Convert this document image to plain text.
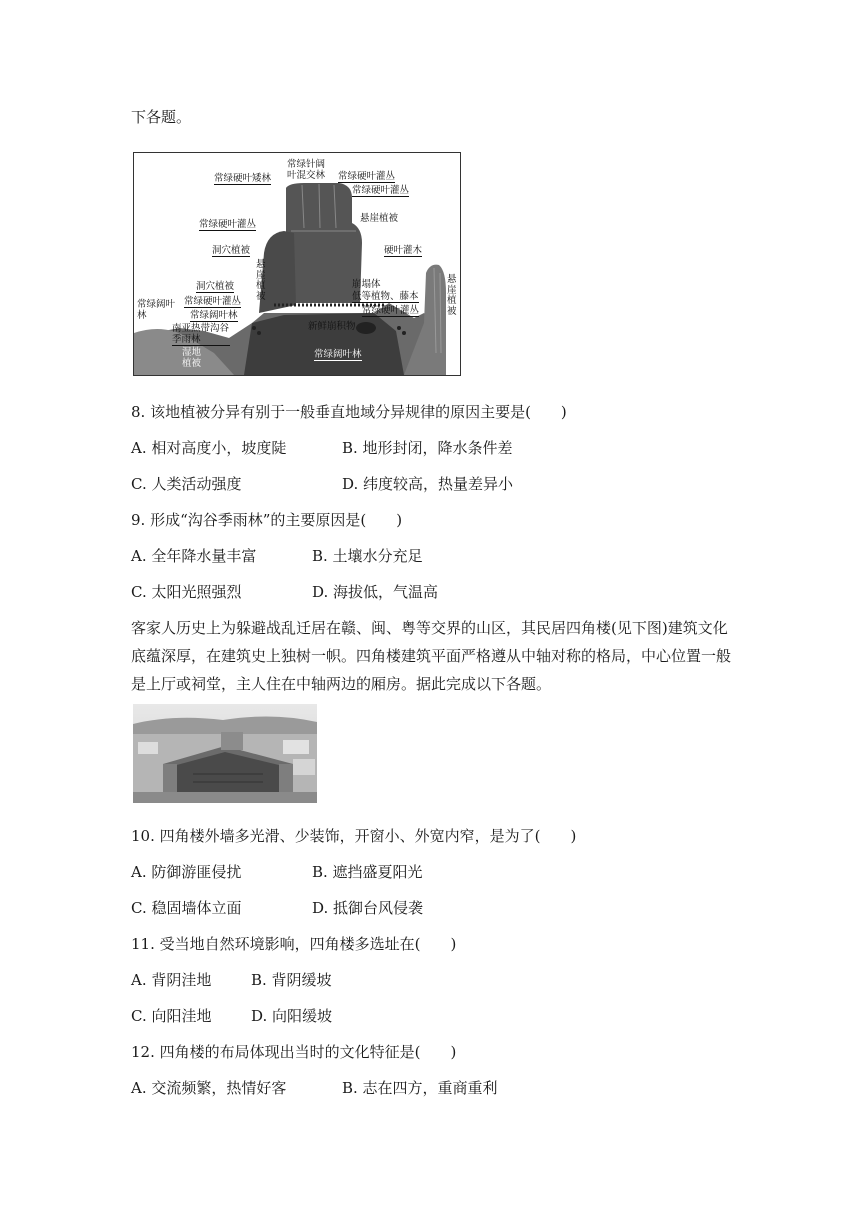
下各题。
常绿针阔叶混交林
常绿硬叶矮林	常绿硬叶灌丛
常绿硬叶灌丛
悬崖植被
常绿硬叶灌丛
洞穴植被
悬崖植被
硬叶灌木
悬崖植被
洞穴植被
常绿阔叶林
常绿硬叶灌丛
常绿阔叶林
崩塌体
低等植物、藤本
常绿硬叶灌丛
新鲜崩积物
南亚热带沟谷季雨林
湿地植被
常绿阔叶林
8. 该地植被分异有别于一般垂直地域分异规律的原因主要是(　　)
A. 相对高度小，坡度陡	B. 地形封闭，降水条件差
C. 人类活动强度	D. 纬度较高，热量差异小
9. 形成“沟谷季雨林”的主要原因是(　　)
A. 全年降水量丰富	B. 土壤水分充足
C. 太阳光照强烈	D. 海拔低，气温高
客家人历史上为躲避战乱迁居在赣、闽、粤等交界的山区，其民居四角楼(见下图)建筑文化底蕴深厚，在建筑史上独树一帜。四角楼建筑平面严格遵从中轴对称的格局，中心位置一般是上厅或祠堂，主人住在中轴两边的厢房。据此完成以下各题。
10. 四角楼外墙多光滑、少装饰，开窗小、外宽内窄，是为了(　　)
A. 防御游匪侵扰	B. 遮挡盛夏阳光
C. 稳固墙体立面	D. 抵御台风侵袭
11. 受当地自然环境影响，四角楼多选址在(　　)
A. 背阴洼地	B. 背阴缓坡
C. 向阳洼地	D. 向阳缓坡
12. 四角楼的布局体现出当时的文化特征是(　　)
A. 交流频繁，热情好客	B. 志在四方，重商重利
